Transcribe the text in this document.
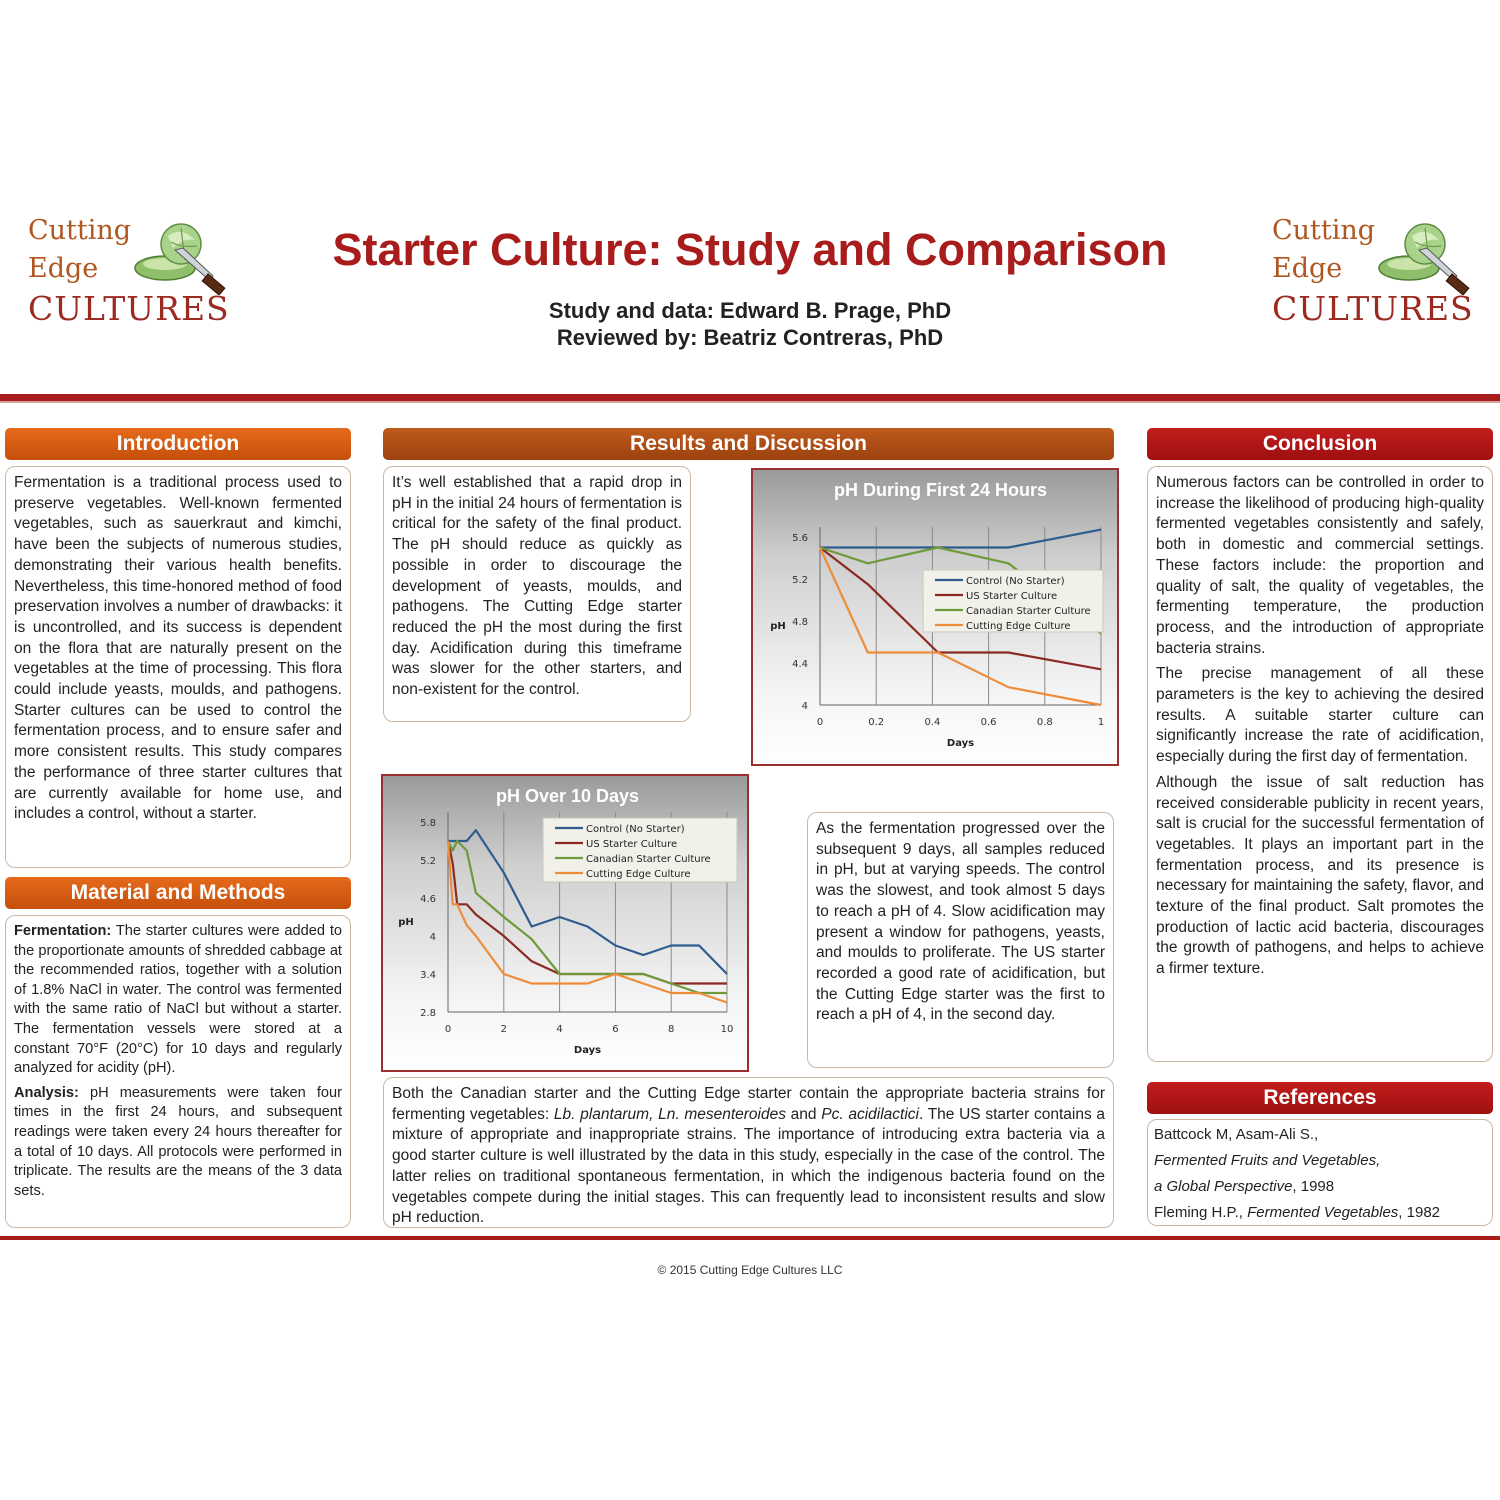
Cutting
Edge
CULTURES
Cutting
Edge
CULTURES
Starter Culture: Study and Comparison
Study and data: Edward B. Prage, PhD
Reviewed by: Beatriz Contreras, PhD
Introduction

Fermentation is a traditional process used to preserve vegetables. Well-known fermented vegetables, such as sauerkraut and kimchi, have been the subjects of numerous studies, demonstrating their various health benefits. Nevertheless, this time-honored method of food preservation involves a number of drawbacks: it is uncontrolled, and its success is dependent on the flora that are naturally present on the vegetables at the time of processing. This flora could include yeasts, moulds, and pathogens. Starter cultures can be used to control the fermentation process, and to ensure safer and more consistent results. This study compares the performance of three starter cultures that are currently available for home use, and includes a control, without a starter.

Material and Methods

Fermentation: The starter cultures were added to the proportionate amounts of shredded cabbage at the recommended ratios, together with a solution of 1.8% NaCl in water. The control was fermented with the same ratio of NaCl but without a starter. The fermentation vessels were stored at a constant 70°F (20°C) for 10 days and regularly analyzed for acidity (pH).

Analysis: pH measurements were taken four times in the first 24 hours, and subsequent readings were taken every 24 hours thereafter for a total of 10 days. All protocols were performed in triplicate. The results are the means of the 3 data sets.

Results and Discussion

It’s well established that a rapid drop in pH in the initial 24 hours of fermentation is critical for the safety of the final product. The pH should reduce as quickly as possible in order to discourage the development of yeasts, moulds, and pathogens. The Cutting Edge starter reduced the pH the most during the first day. Acidification during this timeframe was slower for the other starters, and non-existent for the control.

pH During First 24 Hours
0	0.2	0.4	0.6	0.8	1
4
4.4
4.8
5.2
5.6
Days
pH
Control (No Starter)
US Starter Culture
Canadian Starter Culture
Cutting Edge Culture
pH Over 10 Days
0	2	4	6	8	10
2.8
3.4
4
4.6
5.2
5.8
Days
pH
Control (No Starter)
US Starter Culture
Canadian Starter Culture
Cutting Edge Culture

As the fermentation progressed over the subsequent 9 days, all samples reduced in pH, but at varying speeds. The control was the slowest, and took almost 5 days to reach a pH of 4. Slow acidification may present a window for pathogens, yeasts, and moulds to proliferate. The US starter recorded a good rate of acidification, but the Cutting Edge starter was the first to reach a pH of 4, in the second day.

Both the Canadian starter and the Cutting Edge starter contain the appropriate bacteria strains for fermenting vegetables: Lb. plantarum, Ln. mesenteroides and Pc. acidilactici. The US starter contains a mixture of appropriate and inappropriate strains. The importance of introducing extra bacteria via a good starter culture is well illustrated by the data in this study, especially in the case of the control. The latter relies on traditional spontaneous fermentation, in which the indigenous bacteria found on the vegetables compete during the initial stages. This can frequently lead to inconsistent results and slow pH reduction.

Conclusion

Numerous factors can be controlled in order to increase the likelihood of producing high-quality fermented vegetables consistently and safely, both in domestic and commercial settings. These factors include: the proportion and quality of salt, the quality of vegetables, the fermenting temperature, the production process, and the introduction of appropriate bacteria strains.

The precise management of all these parameters is the key to achieving the desired results. A suitable starter culture can significantly increase the rate of acidification, especially during the first day of fermentation.

Although the issue of salt reduction has received considerable publicity in recent years, salt is crucial for the successful fermentation of vegetables. It plays an important part in the fermentation process, and its presence is necessary for maintaining the safety, flavor, and texture of the final product. Salt promotes the production of lactic acid bacteria, discourages the growth of pathogens, and helps to achieve a firmer texture.

References
Battcock M, Asam-Ali S.,
Fermented Fruits and Vegetables,
a Global Perspective, 1998
Fleming H.P., Fermented Vegetables, 1982
© 2015 Cutting Edge Cultures LLC
